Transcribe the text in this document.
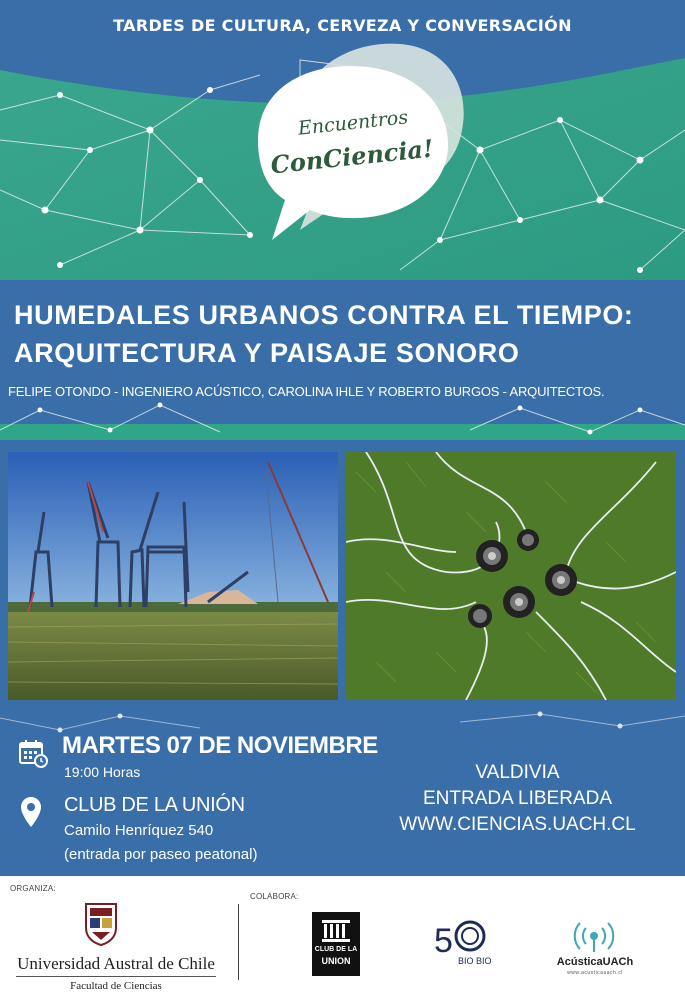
TARDES DE CULTURA, CERVEZA Y CONVERSACIÓN
Encuentros
ConCiencia!
HUMEDALES URBANOS CONTRA EL TIEMPO:
ARQUITECTURA Y PAISAJE SONORO
FELIPE OTONDO - INGENIERO ACÚSTICO, CAROLINA IHLE Y ROBERTO BURGOS - ARQUITECTOS.
MARTES 07 DE NOVIEMBRE
19:00 Horas
CLUB DE LA UNIÓN
Camilo Henríquez 540
(entrada por paseo peatonal)
VALDIVIA
ENTRADA LIBERADA
WWW.CIENCIAS.UACH.CL
ORGANIZA:
COLABORA:
Universidad Austral de Chile
Facultad de Ciencias
CLUB DE LA
UNION
5
BIO BIO	AcústicaUACh
www.acusticauach.cl
